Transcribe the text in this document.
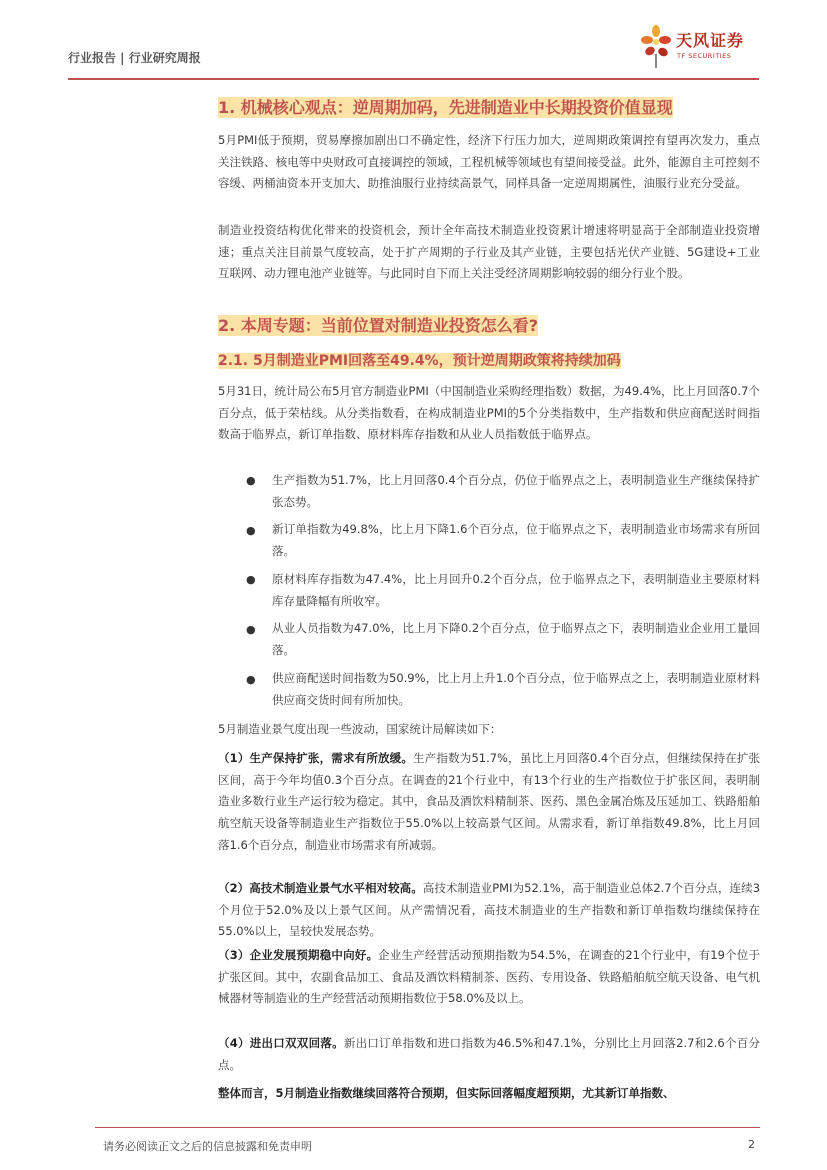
行业报告 | 行业研究周报
天风证券
TF SECURITIES
1. 机械核心观点：逆周期加码，先进制造业中长期投资价值显现
5月PMI低于预期，贸易摩擦加剧出口不确定性，经济下行压力加大，逆周期政策调控有望再次发力，重点关注铁路、核电等中央财政可直接调控的领域，工程机械等领域也有望间接受益。此外，能源自主可控刻不容缓、两桶油资本开支加大、助推油服行业持续高景气，同样具备一定逆周期属性，油服行业充分受益。
制造业投资结构优化带来的投资机会，预计全年高技术制造业投资累计增速将明显高于全部制造业投资增速；重点关注目前景气度较高，处于扩产周期的子行业及其产业链，主要包括光伏产业链、5G建设+工业互联网、动力锂电池产业链等。与此同时自下而上关注受经济周期影响较弱的细分行业个股。
2. 本周专题：当前位置对制造业投资怎么看?
2.1. 5月制造业PMI回落至49.4%，预计逆周期政策将持续加码
5月31日，统计局公布5月官方制造业PMI（中国制造业采购经理指数）数据，为49.4%，比上月回落0.7个百分点，低于荣枯线。从分类指数看，在构成制造业PMI的5个分类指数中，生产指数和供应商配送时间指数高于临界点，新订单指数、原材料库存指数和从业人员指数低于临界点。
● 生产指数为51.7%，比上月回落0.4个百分点，仍位于临界点之上，表明制造业生产继续保持扩张态势。
● 新订单指数为49.8%，比上月下降1.6个百分点，位于临界点之下，表明制造业市场需求有所回落。
● 原材料库存指数为47.4%，比上月回升0.2个百分点，位于临界点之下，表明制造业主要原材料库存量降幅有所收窄。
● 从业人员指数为47.0%，比上月下降0.2个百分点，位于临界点之下，表明制造业企业用工量回落。
● 供应商配送时间指数为50.9%，比上月上升1.0个百分点，位于临界点之上，表明制造业原材料供应商交货时间有所加快。
5月制造业景气度出现一些波动，国家统计局解读如下：
（1）生产保持扩张，需求有所放缓。生产指数为51.7%，虽比上月回落0.4个百分点，但继续保持在扩张区间，高于今年均值0.3个百分点。在调查的21个行业中，有13个行业的生产指数位于扩张区间，表明制造业多数行业生产运行较为稳定。其中，食品及酒饮料精制茶、医药、黑色金属冶炼及压延加工、铁路船舶航空航天设备等制造业生产指数位于55.0%以上较高景气区间。从需求看，新订单指数49.8%，比上月回落1.6个百分点，制造业市场需求有所减弱。
（2）高技术制造业景气水平相对较高。高技术制造业PMI为52.1%，高于制造业总体2.7个百分点，连续3个月位于52.0%及以上景气区间。从产需情况看，高技术制造业的生产指数和新订单指数均继续保持在55.0%以上，呈较快发展态势。
（3）企业发展预期稳中向好。企业生产经营活动预期指数为54.5%，在调查的21个行业中，有19个位于扩张区间。其中，农副食品加工、食品及酒饮料精制茶、医药、专用设备、铁路船舶航空航天设备、电气机械器材等制造业的生产经营活动预期指数位于58.0%及以上。
（4）进出口双双回落。新出口订单指数和进口指数为46.5%和47.1%，分别比上月回落2.7和2.6个百分点。
整体而言，5月制造业指数继续回落符合预期，但实际回落幅度超预期，尤其新订单指数、
请务必阅读正文之后的信息披露和免责申明	2
